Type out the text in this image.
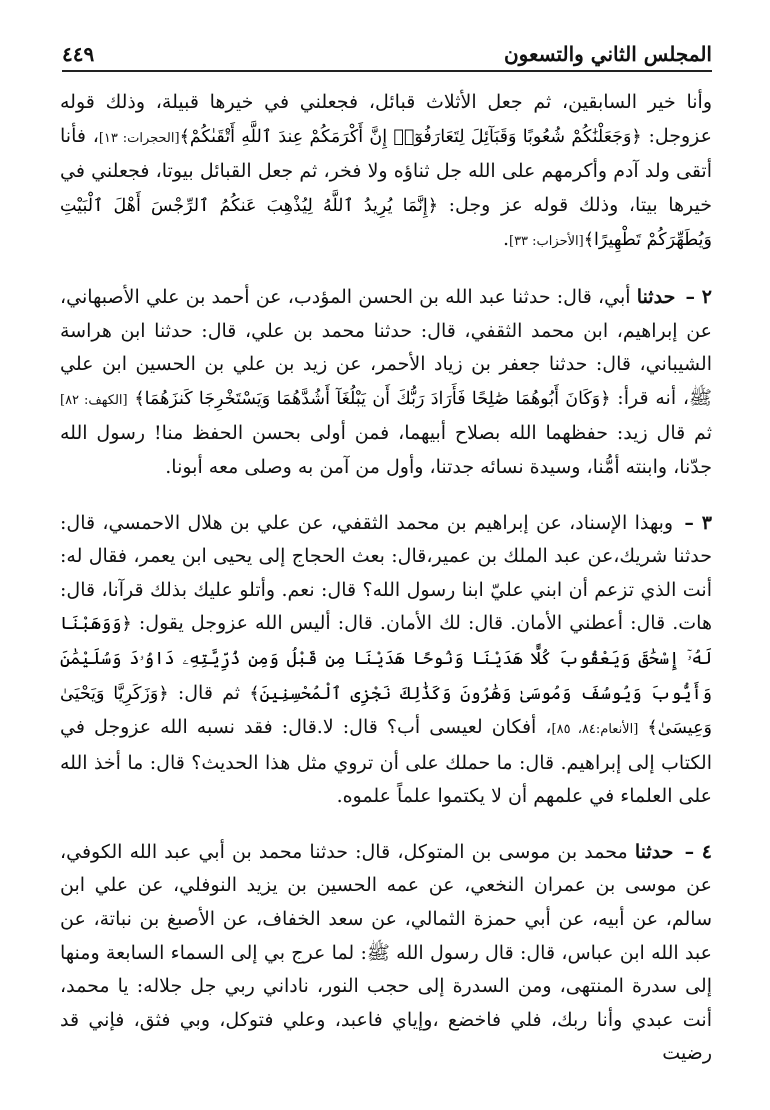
المجلس الثاني والتسعون
٤٤٩

وأنا خير السابقين، ثم جعل الأثلاث قبائل، فجعلني في خيرها قبيلة، وذلك قوله عزوجل: ﴿وَجَعَلْنَٰكُمْ شُعُوبًا وَقَبَآئِلَ لِتَعَارَفُوٓا۟ إِنَّ أَكْرَمَكُمْ عِندَ ٱللَّهِ أَتْقَىٰكُمْ﴾[الحجرات: ١٣]، فأنا أتقى ولد آدم وأكرمهم على الله جل ثناؤه ولا فخر، ثم جعل القبائل بيوتا، فجعلني في خيرها بيتا، وذلك قوله عز وجل: ﴿إِنَّمَا يُرِيدُ ٱللَّهُ لِيُذْهِبَ عَنكُمُ ٱلرِّجْسَ أَهْلَ ٱلْبَيْتِ وَيُطَهِّرَكُمْ تَطْهِيرًا﴾[الأحزاب: ٣٣].

٢ – حدثنا أبي، قال: حدثنا عبد الله بن الحسن المؤدب، عن أحمد بن علي الأصبهاني، عن إبراهيم، ابن محمد الثقفي، قال: حدثنا محمد بن علي، قال: حدثنا ابن هراسة الشيباني، قال: حدثنا جعفر بن زياد الأحمر، عن زيد بن علي بن الحسين ابن علي ﷺ، أنه قرأ: ﴿وَكَانَ أَبُوهُمَا صَٰلِحًا فَأَرَادَ رَبُّكَ أَن يَبْلُغَآ أَشُدَّهُمَا وَيَسْتَخْرِجَا كَنزَهُمَا﴾ [الكهف: ٨٢] ثم قال زيد: حفظهما الله بصلاح أبيهما، فمن أولى بحسن الحفظ منا! رسول الله جدّنا، وابنته أمُّنا، وسيدة نسائه جدتنا، وأول من آمن به وصلى معه أبونا.

٣ – وبهذا الإسناد، عن إبراهيم بن محمد الثقفي، عن علي بن هلال الاحمسي، قال: حدثنا شريك،عن عبد الملك بن عمير،قال: بعث الحجاج إلى يحيى ابن يعمر، فقال له: أنت الذي تزعم أن ابني عليّ ابنا رسول الله؟ قال: نعم. وأتلو عليك بذلك قرآنا، قال: هات. قال: أعطني الأمان. قال: لك الأمان. قال: أليس الله عزوجل يقول: ﴿وَوَهَبْنَا لَهُۥٓ إِسْحَٰقَ وَيَعْقُوبَ كُلًّا هَدَيْنَا وَنُوحًا هَدَيْنَا مِن قَبْلُ وَمِن ذُرِّيَّتِهِۦ دَاوُۥدَ وَسُلَيْمَٰنَ وَأَيُّوبَ وَيُوسُفَ وَمُوسَىٰ وَهَٰرُونَ وَكَذَٰلِكَ نَجْزِى ٱلْمُحْسِنِينَ﴾ ثم قال: ﴿وَزَكَرِيَّا وَيَحْيَىٰ وَعِيسَىٰ﴾ [الأنعام:٨٤، ٨٥]، أفكان لعيسى أب؟ قال: لا.قال: فقد نسبه الله عزوجل في الكتاب إلى إبراهيم. قال: ما حملك على أن تروي مثل هذا الحديث؟ قال: ما أخذ الله على العلماء في علمهم أن لا يكتموا علماً علموه.

٤ – حدثنا محمد بن موسى بن المتوكل، قال: حدثنا محمد بن أبي عبد الله الكوفي، عن موسى بن عمران النخعي، عن عمه الحسين بن يزيد النوفلي، عن علي ابن سالم، عن أبيه، عن أبي حمزة الثمالي، عن سعد الخفاف، عن الأصبغ بن نباتة، عن عبد الله ابن عباس، قال: قال رسول الله ﷺ: لما عرج بي إلى السماء السابعة ومنها إلى سدرة المنتهى، ومن السدرة إلى حجب النور، ناداني ربي جل جلاله: يا محمد، أنت عبدي وأنا ربك، فلي فاخضع ،وإياي فاعبد، وعلي فتوكل، وبي فثق، فإني قد رضيت
